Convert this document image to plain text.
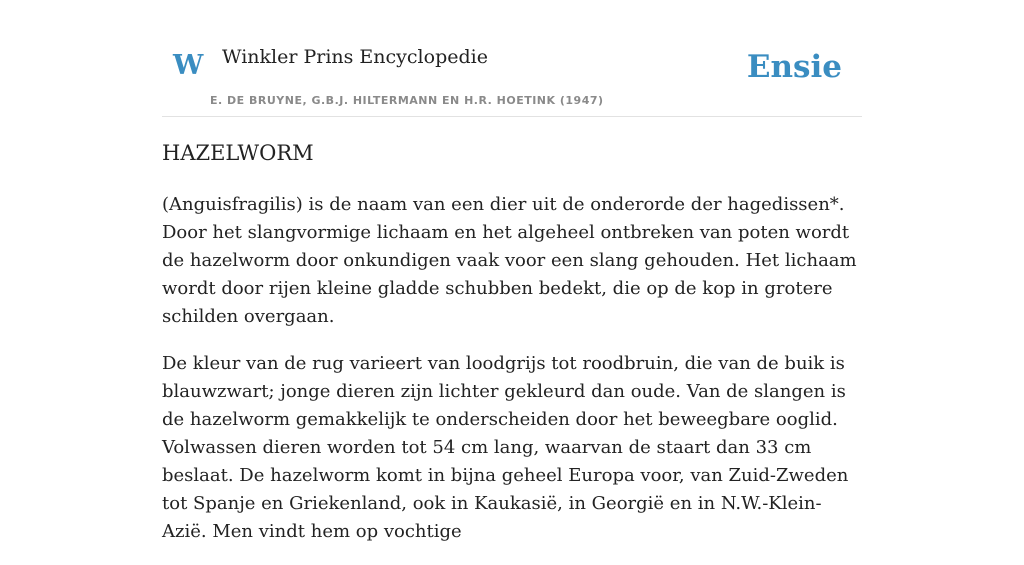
W Winkler Prins Encyclopedie
E. DE BRUYNE, G.B.J. HILTERMANN EN H.R. HOETINK (1947)
Ensie
HAZELWORM

(Anguisfragilis) is de naam van een dier uit de onderorde der hagedissen*. Door het slangvormige lichaam en het algeheel ontbreken van poten wordt de hazelworm door onkundigen vaak voor een slang gehouden. Het lichaam wordt door rijen kleine gladde schubben bedekt, die op de kop in grotere schilden overgaan.

De kleur van de rug varieert van loodgrijs tot roodbruin, die van de buik is blauwzwart; jonge dieren zijn lichter gekleurd dan oude. Van de slangen is de hazelworm gemakkelijk te onderscheiden door het beweegbare ooglid. Volwassen dieren worden tot 54 cm lang, waarvan de staart dan 33 cm beslaat. De hazelworm komt in bijna geheel Europa voor, van Zuid-Zweden tot Spanje en Griekenland, ook in Kaukasië, in Georgië en in N.W.-Klein-Azië. Men vindt hem op vochtige
